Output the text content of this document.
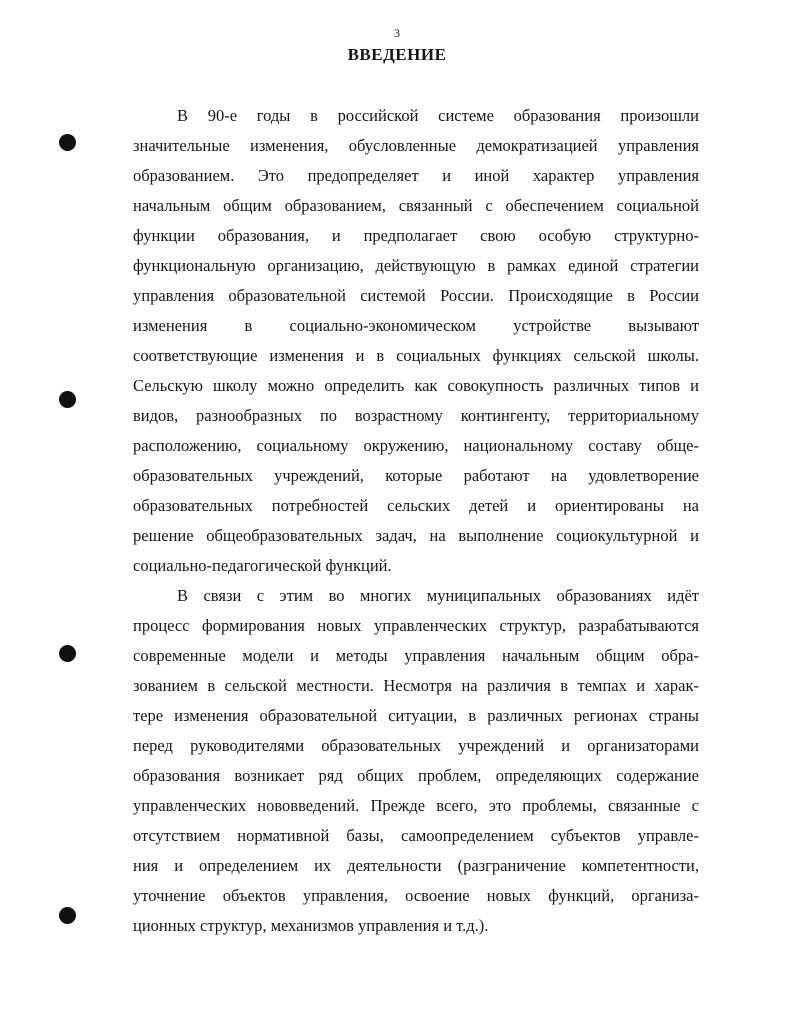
3
ВВЕДЕНИЕ
В 90-е годы в российской системе образования произошли
значительные изменения, обусловленные демократизацией управления
образованием. Это предопределяет и иной характер управления
начальным общим образованием, связанный с обеспечением социальной
функции образования, и предполагает свою особую структурно-
функциональную организацию, действующую в рамках единой стратегии
управления образовательной системой России. Происходящие в России
изменения в социально-экономическом устройстве вызывают
соответствующие изменения и в социальных функциях сельской школы.
Сельскую школу можно определить как совокупность различных типов и
видов, разнообразных по возрастному контингенту, территориальному
расположению, социальному окружению, национальному составу обще-
образовательных учреждений, которые работают на удовлетворение
образовательных потребностей сельских детей и ориентированы на
решение общеобразовательных задач, на выполнение социокультурной и
социально-педагогической функций.
В связи с этим во многих муниципальных образованиях идёт
процесс формирования новых управленческих структур, разрабатываются
современные модели и методы управления начальным общим обра-
зованием в сельской местности. Несмотря на различия в темпах и харак-
тере изменения образовательной ситуации, в различных регионах страны
перед руководителями образовательных учреждений и организаторами
образования возникает ряд общих проблем, определяющих содержание
управленческих нововведений. Прежде всего, это проблемы, связанные с
отсутствием нормативной базы, самоопределением субъектов управле-
ния и определением их деятельности (разграничение компетентности,
уточнение объектов управления, освоение новых функций, организа-
ционных структур, механизмов управления и т.д.).
